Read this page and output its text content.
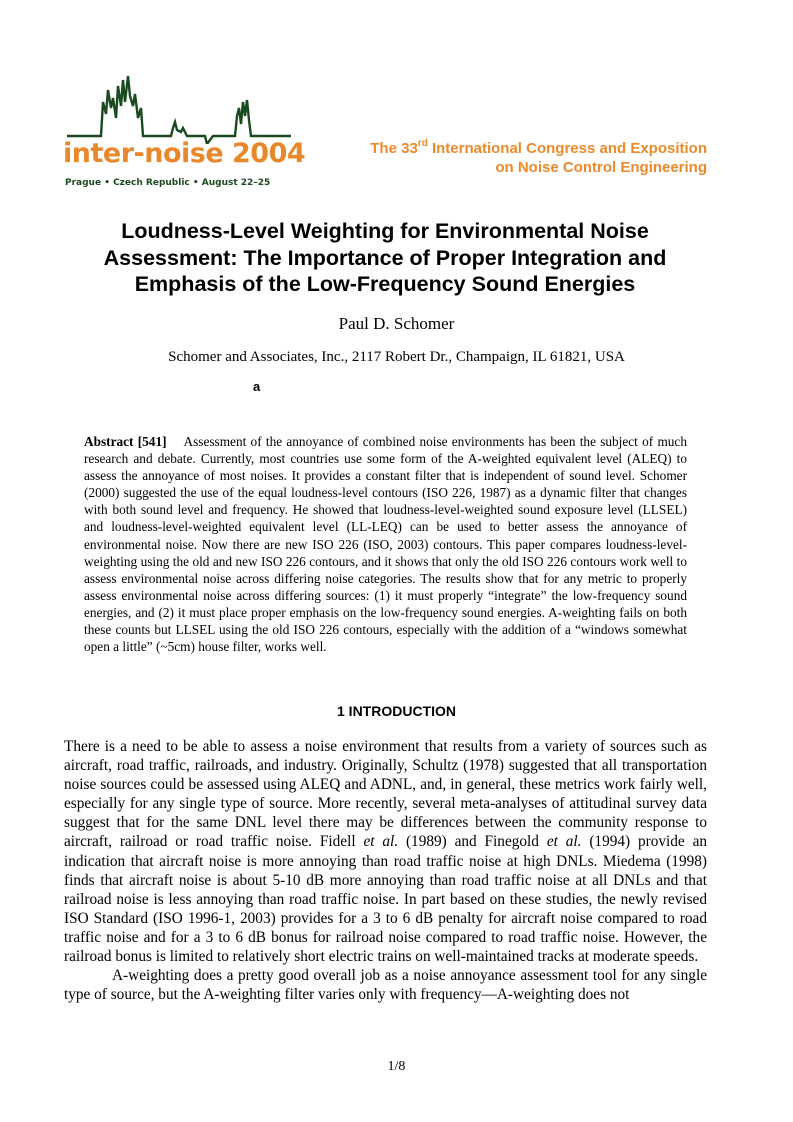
inter-noise 2004
Prague • Czech Republic • August 22–25
The 33rd International Congress and Exposition
on Noise Control Engineering
Loudness-Level Weighting for Environmental Noise
Assessment: The Importance of Proper Integration and
Emphasis of the Low-Frequency Sound Energies
Paul D. Schomer
Schomer and Associates, Inc., 2117 Robert Dr., Champaign, IL 61821, USA
a

Abstract [541] Assessment of the annoyance of combined noise environments has been the subject of much research and debate. Currently, most countries use some form of the A-weighted equivalent level (ALEQ) to assess the annoyance of most noises. It provides a constant filter that is independent of sound level. Schomer (2000) suggested the use of the equal loudness-level contours (ISO 226, 1987) as a dynamic filter that changes with both sound level and frequency. He showed that loudness-level-weighted sound exposure level (LLSEL) and loudness-level-weighted equivalent level (LL-LEQ) can be used to better assess the annoyance of environmental noise. Now there are new ISO 226 (ISO, 2003) contours. This paper compares loudness-level-weighting using the old and new ISO 226 contours, and it shows that only the old ISO 226 contours work well to assess environmental noise across differing noise categories. The results show that for any metric to properly assess environmental noise across differing sources: (1) it must properly “integrate” the low-frequency sound energies, and (2) it must place proper emphasis on the low-frequency sound energies. A-weighting fails on both these counts but LLSEL using the old ISO 226 contours, especially with the addition of a “windows somewhat open a little” (~5cm) house filter, works well.

1 INTRODUCTION

There is a need to be able to assess a noise environment that results from a variety of sources such as aircraft, road traffic, railroads, and industry. Originally, Schultz (1978) suggested that all transportation noise sources could be assessed using ALEQ and ADNL, and, in general, these metrics work fairly well, especially for any single type of source. More recently, several meta-analyses of attitudinal survey data suggest that for the same DNL level there may be differences between the community response to aircraft, railroad or road traffic noise. Fidell et al. (1989) and Finegold et al. (1994) provide an indication that aircraft noise is more annoying than road traffic noise at high DNLs. Miedema (1998) finds that aircraft noise is about 5-10 dB more annoying than road traffic noise at all DNLs and that railroad noise is less annoying than road traffic noise. In part based on these studies, the newly revised ISO Standard (ISO 1996-1, 2003) provides for a 3 to 6 dB penalty for aircraft noise compared to road traffic noise and for a 3 to 6 dB bonus for railroad noise compared to road traffic noise. However, the railroad bonus is limited to relatively short electric trains on well-maintained tracks at moderate speeds.

A-weighting does a pretty good overall job as a noise annoyance assessment tool for any single type of source, but the A-weighting filter varies only with frequency—A-weighting does not

1/8
